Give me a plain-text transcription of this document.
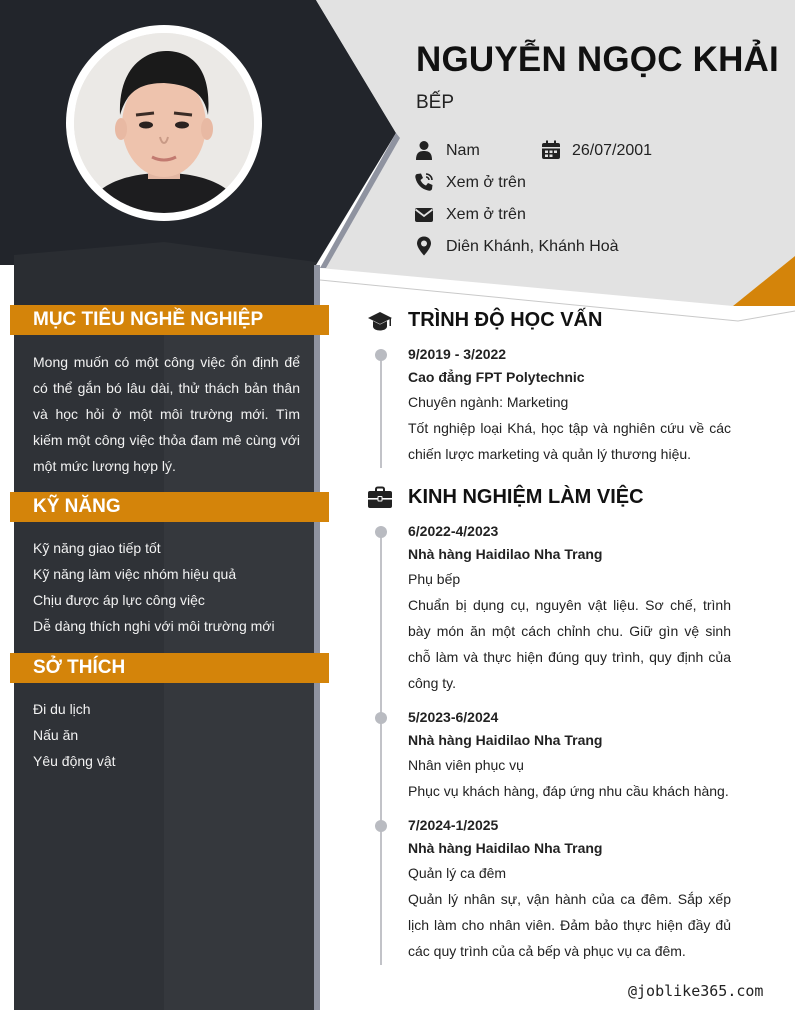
NGUYỄN NGỌC KHẢI
BẾP
Nam	26/07/2001
Xem ở trên
Xem ở trên
Diên Khánh, Khánh Hoà
MỤC TIÊU NGHỀ NGHIỆP
Mong muốn có một công việc ổn định để có thể gắn bó lâu dài, thử thách bản thân và học hỏi ở một môi trường mới. Tìm kiếm một công việc thỏa đam mê cùng với một mức lương hợp lý.
KỸ NĂNG
Kỹ năng giao tiếp tốt
Kỹ năng làm việc nhóm hiệu quả
Chịu được áp lực công việc
Dễ dàng thích nghi với môi trường mới
SỞ THÍCH
Đi du lịch
Nấu ăn
Yêu động vật
TRÌNH ĐỘ HỌC VẤN
9/2019 - 3/2022
Cao đẳng FPT Polytechnic
Chuyên ngành: Marketing
Tốt nghiệp loại Khá, học tập và nghiên cứu về các chiến lược marketing và quản lý thương hiệu.
KINH NGHIỆM LÀM VIỆC
6/2022-4/2023
Nhà hàng Haidilao Nha Trang
Phụ bếp
Chuẩn bị dụng cụ, nguyên vật liệu. Sơ chế, trình bày món ăn một cách chỉnh chu. Giữ gìn vệ sinh chỗ làm và thực hiện đúng quy trình, quy định của công ty.
5/2023-6/2024
Nhà hàng Haidilao Nha Trang
Nhân viên phục vụ
Phục vụ khách hàng, đáp ứng nhu cầu khách hàng.
7/2024-1/2025
Nhà hàng Haidilao Nha Trang
Quản lý ca đêm
Quản lý nhân sự, vận hành của ca đêm. Sắp xếp lịch làm cho nhân viên. Đảm bảo thực hiện đầy đủ các quy trình của cả bếp và phục vụ ca đêm.
@joblike365.com
